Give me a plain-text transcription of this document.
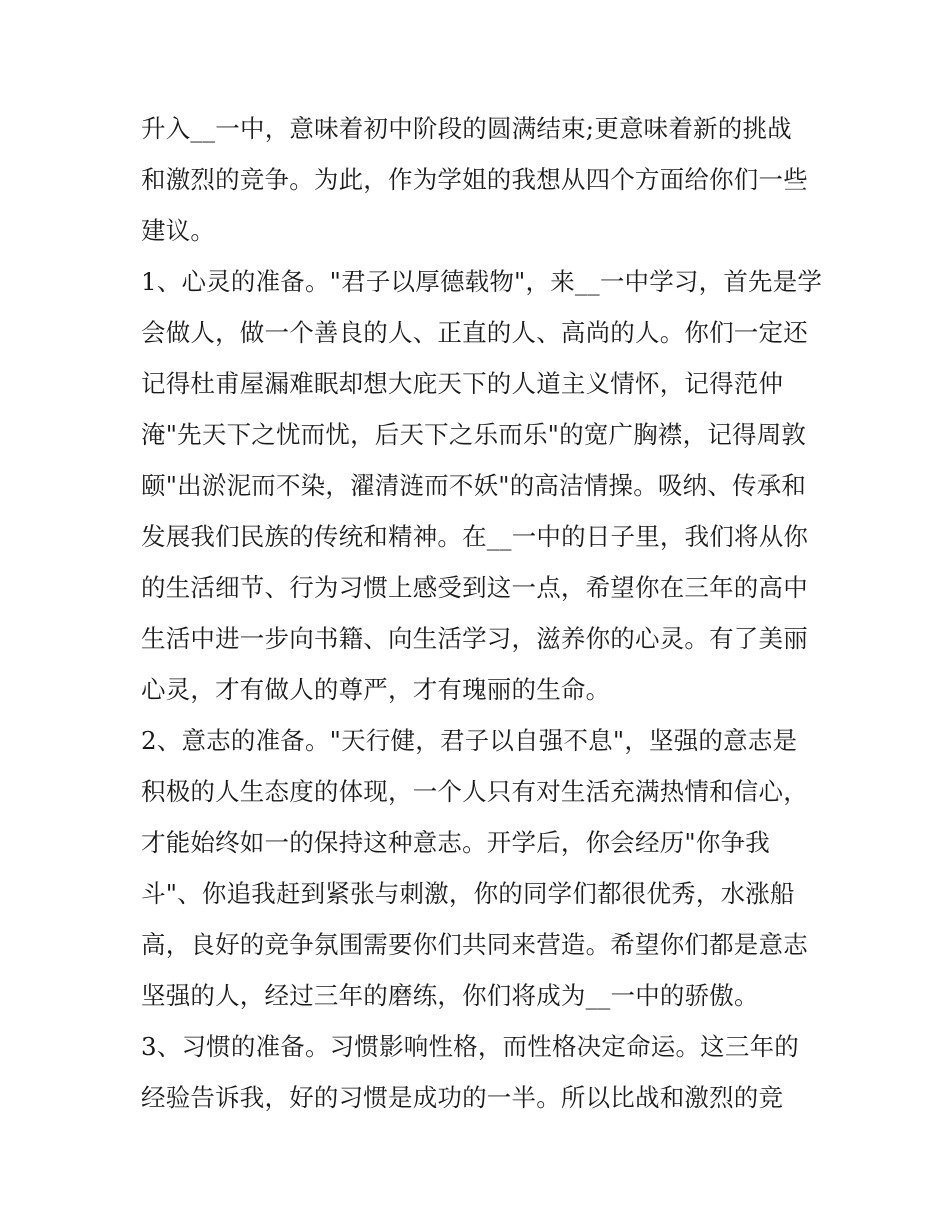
升入__一中，意味着初中阶段的圆满结束;更意味着新的挑战
和激烈的竞争。为此，作为学姐的我想从四个方面给你们一些
建议。
1、心灵的准备。"君子以厚德载物"，来__一中学习，首先是学
会做人，做一个善良的人、正直的人、高尚的人。你们一定还
记得杜甫屋漏难眠却想大庇天下的人道主义情怀，记得范仲
淹"先天下之忧而忧，后天下之乐而乐"的宽广胸襟，记得周敦
颐"出淤泥而不染，濯清涟而不妖"的高洁情操。吸纳、传承和
发展我们民族的传统和精神。在__一中的日子里，我们将从你
的生活细节、行为习惯上感受到这一点，希望你在三年的高中
生活中进一步向书籍、向生活学习，滋养你的心灵。有了美丽
心灵，才有做人的尊严，才有瑰丽的生命。
2、意志的准备。"天行健，君子以自强不息"，坚强的意志是
积极的人生态度的体现，一个人只有对生活充满热情和信心，
才能始终如一的保持这种意志。开学后，你会经历"你争我
斗"、你追我赶到紧张与刺激，你的同学们都很优秀，水涨船
高，良好的竞争氛围需要你们共同来营造。希望你们都是意志
坚强的人，经过三年的磨练，你们将成为__一中的骄傲。
3、习惯的准备。习惯影响性格，而性格决定命运。这三年的
经验告诉我，好的习惯是成功的一半。所以比战和激烈的竞
